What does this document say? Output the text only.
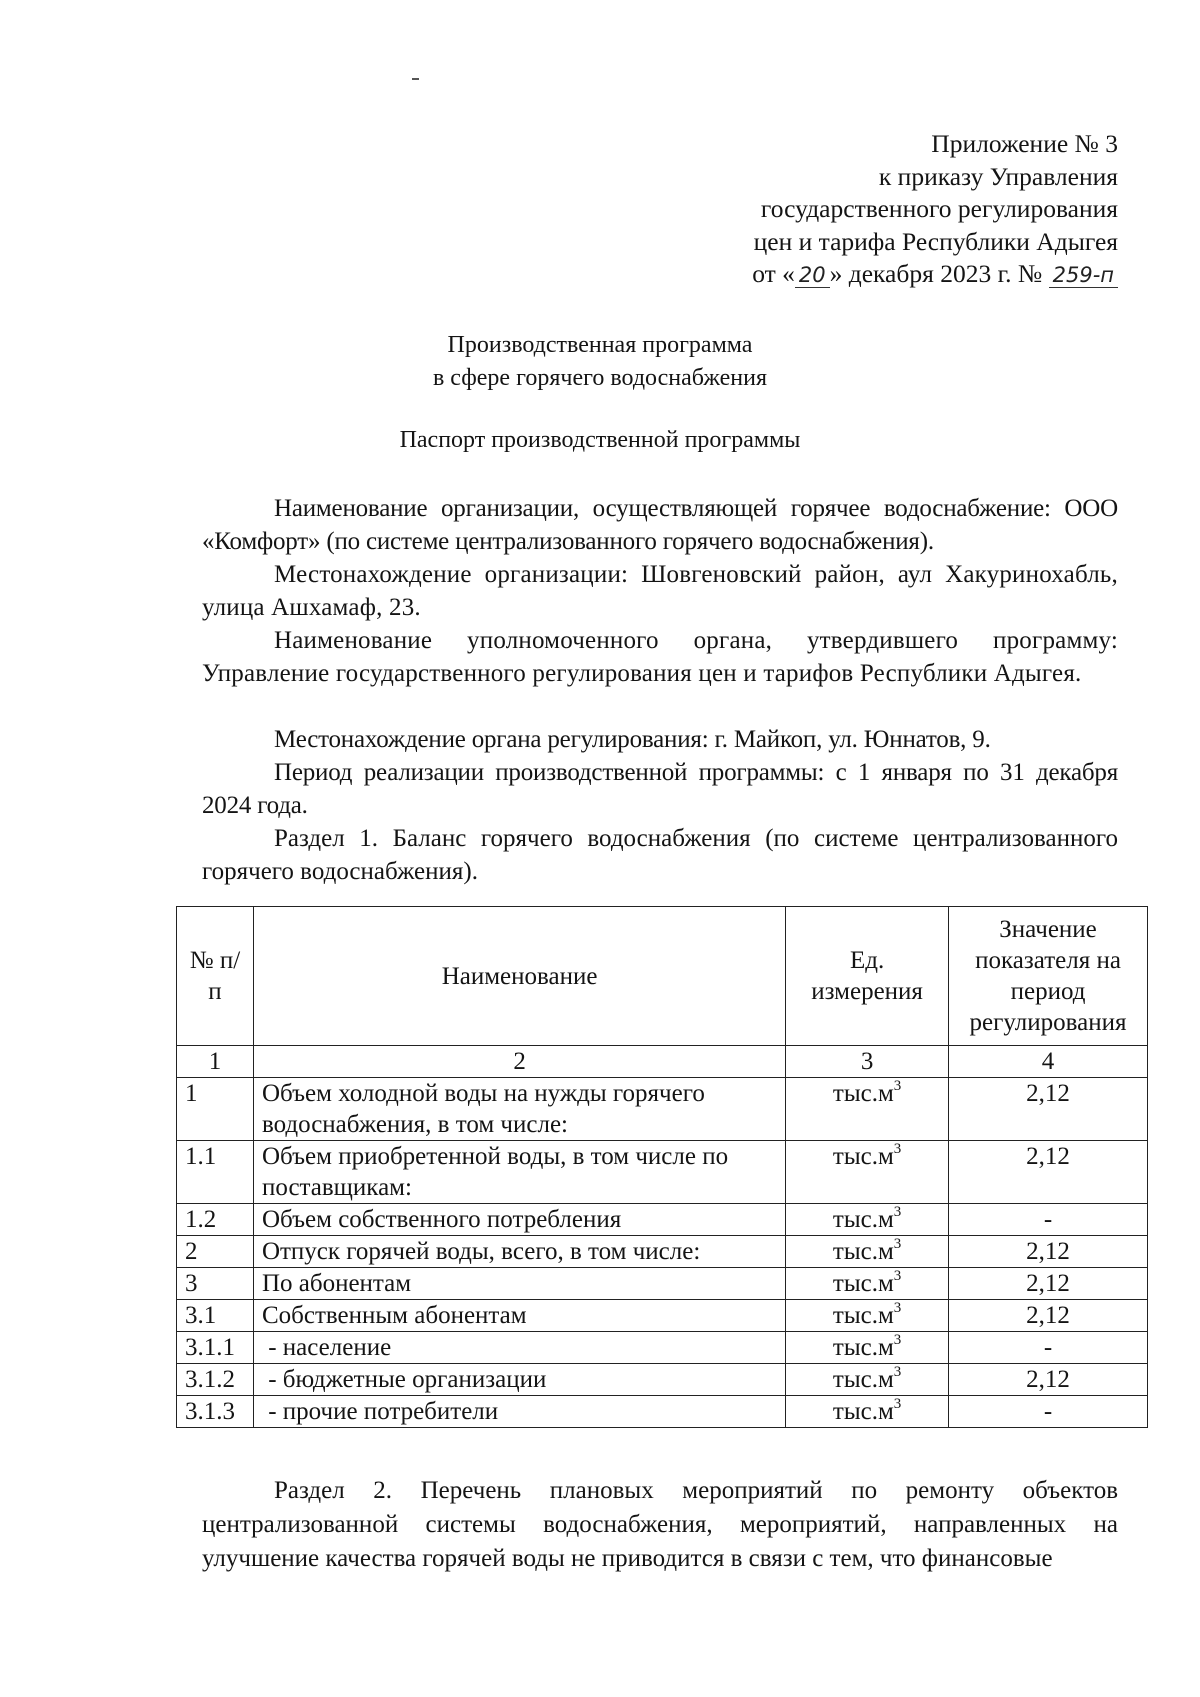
Приложение № 3
к приказу Управления
государственного регулирования
цен и тарифа Республики Адыгея
от « 20 » декабря 2023 г. № 259-п
Производственная программа
в сфере горячего водоснабжения
Паспорт производственной программы

Наименование организации, осуществляющей горячее водоснабжение: ООО «Комфорт» (по системе централизованного горячего водоснабжения).

Местонахождение организации: Шовгеновский район, аул Хакуринохабль, улица Ашхамаф, 23.

Наименование уполномоченного органа, утвердившего программу: Управление государственного регулирования цен и тарифов Республики Адыгея.

Местонахождение органа регулирования: г. Майкоп, ул. Юннатов, 9.

Период реализации производственной программы: с 1 января по 31 декабря 2024 года.

Раздел 1. Баланс горячего водоснабжения (по системе централизованного горячего водоснабжения).

№ п/п	Наименование	Ед. измерения	Значение показателя на период регулирования
1	2	3	4
1	Объем холодной воды на нужды горячего водоснабжения, в том числе:	$тыс.м^3$	2,12
1.1	Объем приобретенной воды, в том числе по поставщикам:	$тыс.м^3$	2,12
1.2	Объем собственного потребления	$тыс.м^3$	-
2	Отпуск горячей воды, всего, в том числе:	$тыс.м^3$	2,12
3	По абонентам	$тыс.м^3$	2,12
3.1	Собственным абонентам	$тыс.м^3$	2,12
3.1.1	- население	$тыс.м^3$	-
3.1.2	- бюджетные организации	$тыс.м^3$	2,12
3.1.3	- прочие потребители	$тыс.м^3$	-

Раздел 2. Перечень плановых мероприятий по ремонту объектов централизованной системы водоснабжения, мероприятий, направленных на улучшение качества горячей воды не приводится в связи с тем, что финансовые
